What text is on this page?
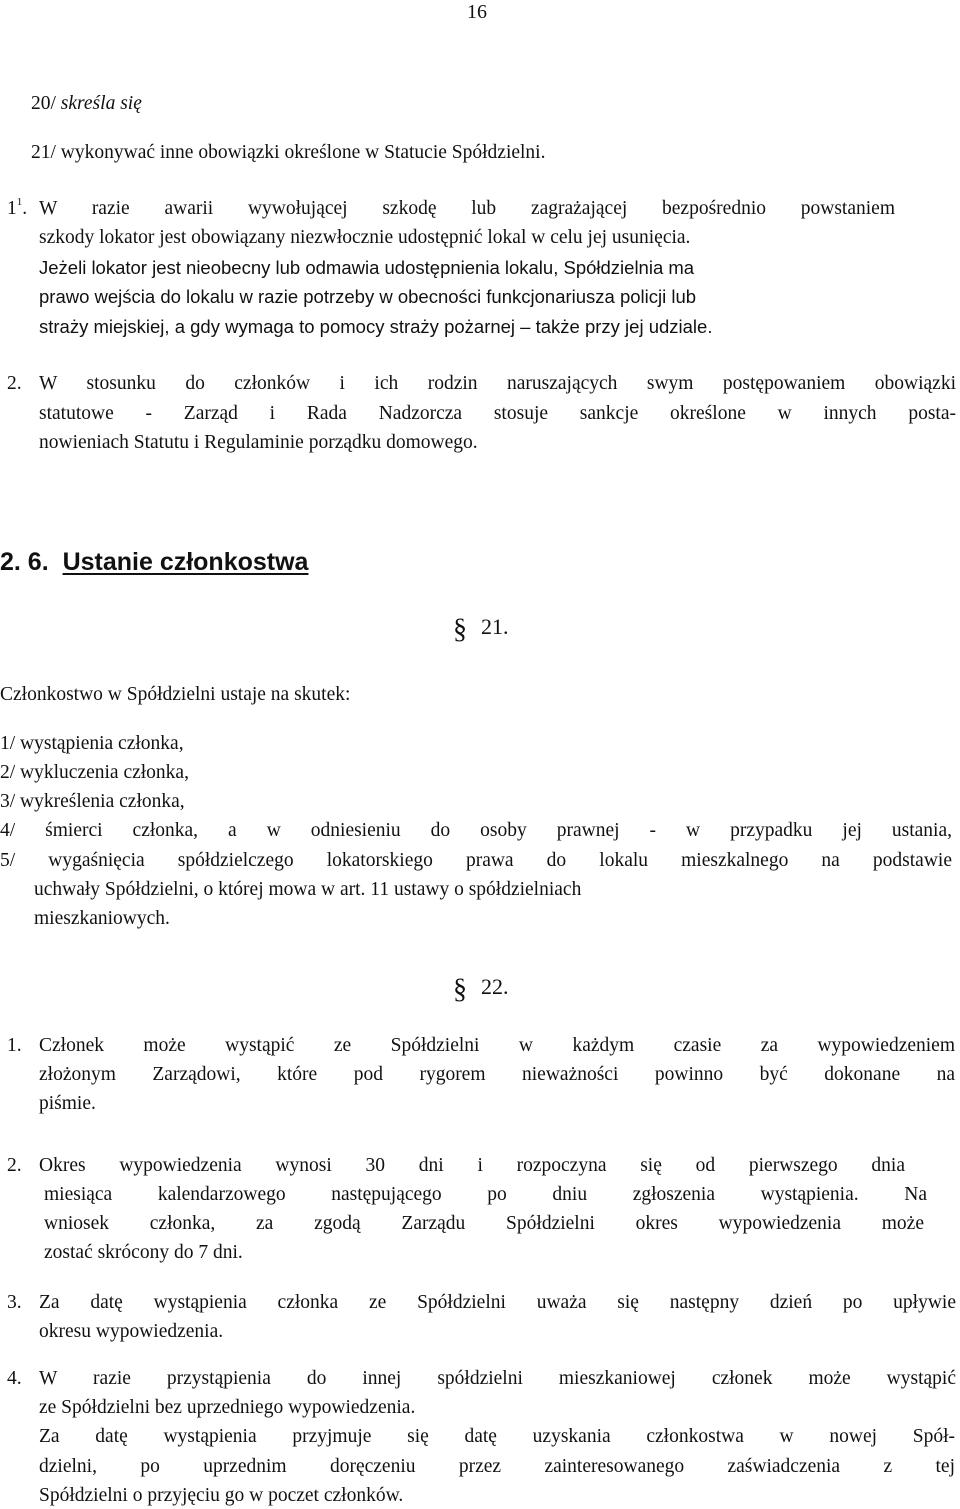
16
20/ skreśla się
21/ wykonywać inne obowiązki określone w Statucie Spółdzielni.
$1^1$. W razie awarii wywołującej szkodę lub zagrażającej bezpośrednio powstaniem
szkody lokator jest obowiązany niezwłocznie udostępnić lokal w celu jej usunięcia.
Jeżeli lokator jest nieobecny lub odmawia udostępnienia lokalu, Spółdzielnia ma
prawo wejścia do lokalu w razie potrzeby w obecności funkcjonariusza policji lub
straży miejskiej, a gdy wymaga to pomocy straży pożarnej – także przy jej udziale.
2. W stosunku do członków i ich rodzin naruszających swym postępowaniem obowiązki
statutowe - Zarząd i Rada Nadzorcza stosuje sankcje określone w innych posta-
nowieniach Statutu i Regulaminie porządku domowego.
2. 6. Ustanie członkostwa
§ 21.
Członkostwo w Spółdzielni ustaje na skutek:
1/ wystąpienia członka,
2/ wykluczenia członka,
3/ wykreślenia członka,
4/ śmierci członka, a w odniesieniu do osoby prawnej - w przypadku jej ustania,
5/ wygaśnięcia spółdzielczego lokatorskiego prawa do lokalu mieszkalnego na podstawie
uchwały Spółdzielni, o której mowa w art. 11 ustawy o spółdzielniach
mieszkaniowych.
§ 22.
1. Członek może wystąpić ze Spółdzielni w każdym czasie za wypowiedzeniem
złożonym Zarządowi, które pod rygorem nieważności powinno być dokonane na
piśmie.
2. Okres wypowiedzenia wynosi 30 dni i rozpoczyna się od pierwszego dnia
miesiąca kalendarzowego następującego po dniu zgłoszenia wystąpienia. Na
wniosek członka, za zgodą Zarządu Spółdzielni okres wypowiedzenia może
zostać skrócony do 7 dni.
3. Za datę wystąpienia członka ze Spółdzielni uważa się następny dzień po upływie
okresu wypowiedzenia.
4. W razie przystąpienia do innej spółdzielni mieszkaniowej członek może wystąpić
ze Spółdzielni bez uprzedniego wypowiedzenia.
Za datę wystąpienia przyjmuje się datę uzyskania członkostwa w nowej Spół-
dzielni, po uprzednim doręczeniu przez zainteresowanego zaświadczenia z tej
Spółdzielni o przyjęciu go w poczet członków.
